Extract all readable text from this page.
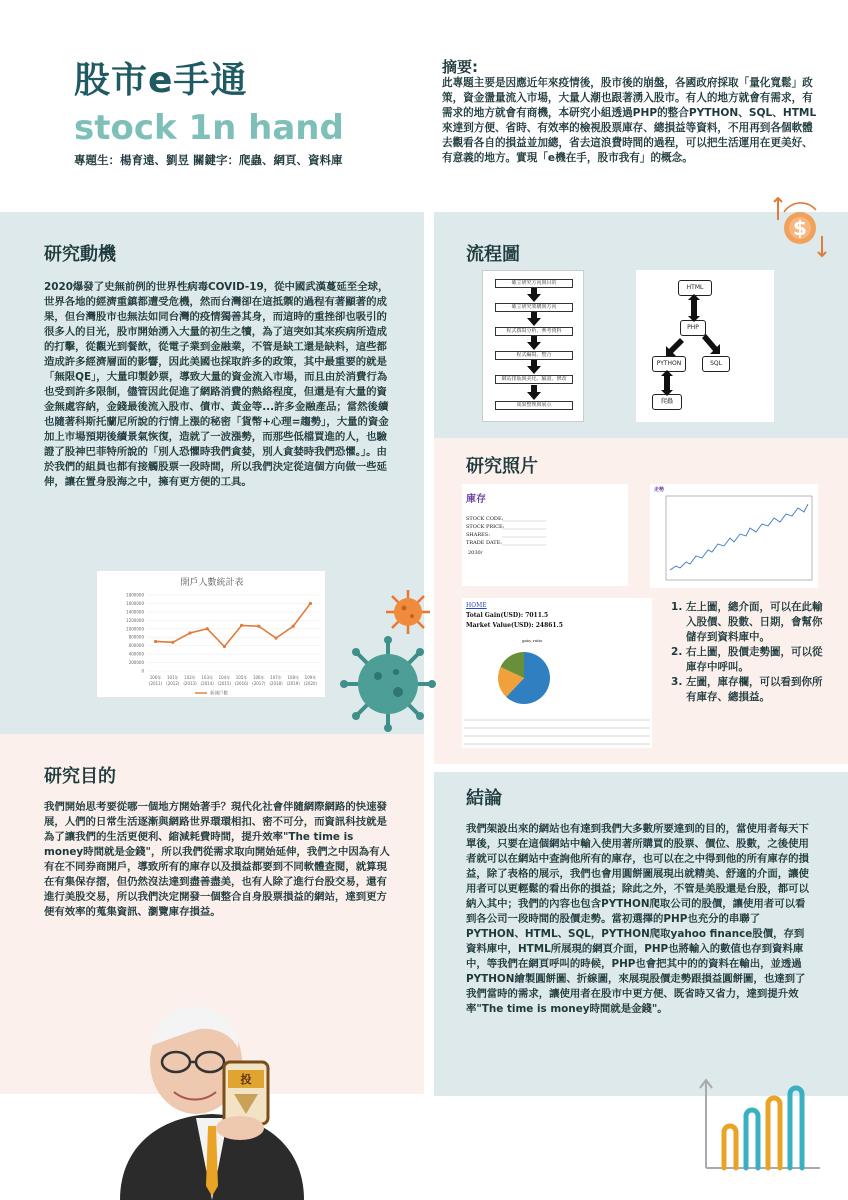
股市e手通
stock 1n hand
專題生：楊育遠、劉昱 關鍵字：爬蟲、網頁、資料庫
摘要:
此專題主要是因應近年來疫情後，股市後的崩盤，各國政府採取「量化寬鬆」政策，資金盪量流入市場，大量人潮也跟著湧入股市。有人的地方就會有需求，有需求的地方就會有商機，本研究小組透過PHP的整合PYTHON、SQL、HTML來達到方便、省時、有效率的檢視股票庫存、總損益等資料，不用再到各個軟體去觀看各自的損益並加總，省去這浪費時間的過程，可以把生活運用在更美好、有意義的地方。實現「e機在手，股市我有」的概念。
$
研究動機
2020爆發了史無前例的世界性病毒COVID-19，從中國武漢蔓延至全球，世界各地的經濟重鎮都遭受危機，然而台灣卻在這抵禦的過程有著顯著的成果，但台灣股市也無法如同台灣的疫情獨善其身，而這時的重挫卻也吸引的很多人的目光，股市開始湧入大量的初生之犢，為了這突如其來疾病所造成的打擊，從觀光到餐飲，從電子業到金融業，不管是缺工還是缺料，這些都造成許多經濟層面的影響，因此美國也採取許多的政策，其中最重要的就是「無限QE」，大量印製鈔票，導致大量的資金流入市場，而且由於消費行為也受到許多限制，儘管因此促進了網路消費的熱絡程度，但還是有大量的資金無處容納，金錢最後流入股市、債市、黃金等...許多金融產品；當然後續也隨著科斯托蘭尼所說的行情上漲的秘密「貨幣+心理=趨勢」，大量的資金加上市場預期後續景氣恢復，造就了一波漲勢，而那些低檔買進的人，也驗證了股神巴菲特所說的「別人恐懼時我們貪婪，別人貪婪時我們恐懼。」。由於我們的組員也都有接觸股票一段時間，所以我們決定從這個方向做一些延伸，讓在置身股海之中，擁有更方便的工具。
開戶人數統計表
0
200000
400000
600000
800000
1000000
1200000
1400000
1600000
1800000
100年
(2011)
101年
(2012)
102年
(2013)
103年
(2014)
104年
(2015)
105年
(2016)
106年
(2017)
107年
(2018)
108年
(2019)
109年
(2020)
新開戶數
研究目的
我們開始思考要從哪一個地方開始著手？現代化社會伴隨網際網路的快速發展，人們的日常生活逐漸與網路世界環環相扣、密不可分，而資訊科技就是為了讓我們的生活更便利、縮減耗費時間，提升效率"The time is money時間就是金錢"，所以我們從需求取向開始延伸，我們之中因為有人有在不同券商開戶，導致所有的庫存以及損益都要到不同軟體查閱，就算現在有集保存摺，但仍然沒法達到盡善盡美，也有人除了進行台股交易，還有進行美股交易，所以我們決定開發一個整合自身股票損益的網站，達到更方便有效率的蒐集資訊、瀏覽庫存損益。
投
流程圖
確立研究方向與目的
確立研究架構與方向
程式撰寫分析、參考資料
程式編寫、整合
網站排版與美化、驗證、修改
成果整理與展示
HTML
PHP
PYTHON	SQL
爬蟲
研究照片
庫存
STOCK CODE:
STOCK PRICE:
SHARES:
TRADE DATE:
2030/
走勢
HOME
Total Gain(USD): 7011.5
Market Value(USD): 24861.5
gain_ratio
1. 左上圖，總介面，可以在此輸入股價、股數、日期，會幫你儲存到資料庫中。
2. 右上圖，股價走勢圖，可以從庫存中呼叫。
3. 左圖，庫存欄，可以看到你所有庫存、總損益。
結論
我們架設出來的網站也有達到我們大多數所要達到的目的，當使用者每天下單後，只要在這個網站中輸入使用著所購買的股票、價位、股數，之後使用者就可以在網站中查詢他所有的庫存，也可以在之中得到他的所有庫存的損益，除了表格的展示，我們也會用圓餅圖展現出就精美、舒適的介面，讓使用者可以更輕鬆的看出你的損益；除此之外，不管是美股還是台股，都可以納入其中；我們的內容也包含PYTHON爬取公司的股價，讓使用者可以看到各公司一段時間的股價走勢。當初選擇的PHP也充分的串聯了PYTHON、HTML、SQL，PYTHON爬取yahoo finance股價，存到資料庫中，HTML所展現的網頁介面，PHP也將輸入的數值也存到資料庫中，等我們在網頁呼叫的時候，PHP也會把其中的的資料在輸出，並透過PYTHON繪製圓餅圖、折線圖，來展現股價走勢跟損益圓餅圖，也達到了我們當時的需求，讓使用者在股市中更方便、既省時又省力，達到提升效率"The time is money時間就是金錢"。
